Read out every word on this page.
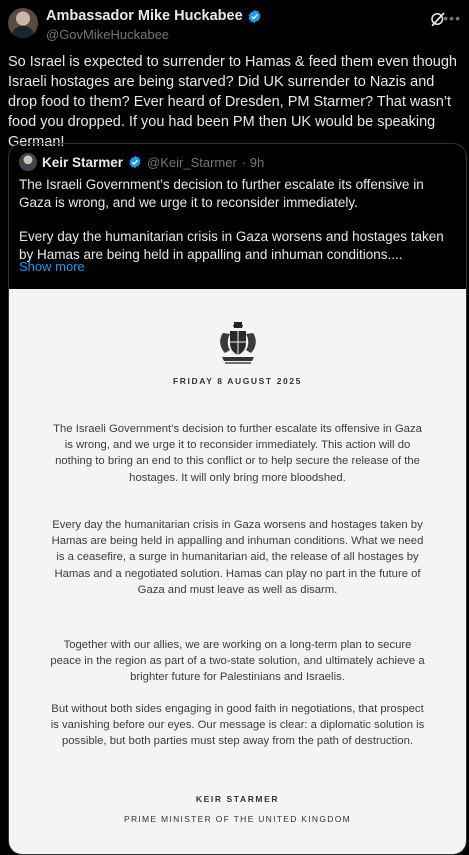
Ambassador Mike Huckabee
@GovMikeHuckabee
•••
So Israel is expected to surrender to Hamas & feed them even though Israeli hostages are being starved? Did UK surrender to Nazis and drop food to them? Ever heard of Dresden, PM Starmer? That wasn’t food you dropped. If you had been PM then UK would be speaking German!
Keir Starmer @Keir_Starmer · 9h

The Israeli Government’s decision to further escalate its offensive in Gaza is wrong, and we urge it to reconsider immediately.

Every day the humanitarian crisis in Gaza worsens and hostages taken by Hamas are being held in appalling and inhuman conditions....

Show more
FRIDAY 8 AUGUST 2025
The Israeli Government’s decision to further escalate its offensive in Gaza is wrong, and we urge it to reconsider immediately. This action will do nothing to bring an end to this conflict or to help secure the release of the hostages. It will only bring more bloodshed.
Every day the humanitarian crisis in Gaza worsens and hostages taken by Hamas are being held in appalling and inhuman conditions. What we need is a ceasefire, a surge in humanitarian aid, the release of all hostages by Hamas and a negotiated solution. Hamas can play no part in the future of Gaza and must leave as well as disarm.
Together with our allies, we are working on a long-term plan to secure peace in the region as part of a two-state solution, and ultimately achieve a brighter future for Palestinians and Israelis.
But without both sides engaging in good faith in negotiations, that prospect is vanishing before our eyes. Our message is clear: a diplomatic solution is possible, but both parties must step away from the path of destruction.
KEIR STARMER
PRIME MINISTER OF THE UNITED KINGDOM
